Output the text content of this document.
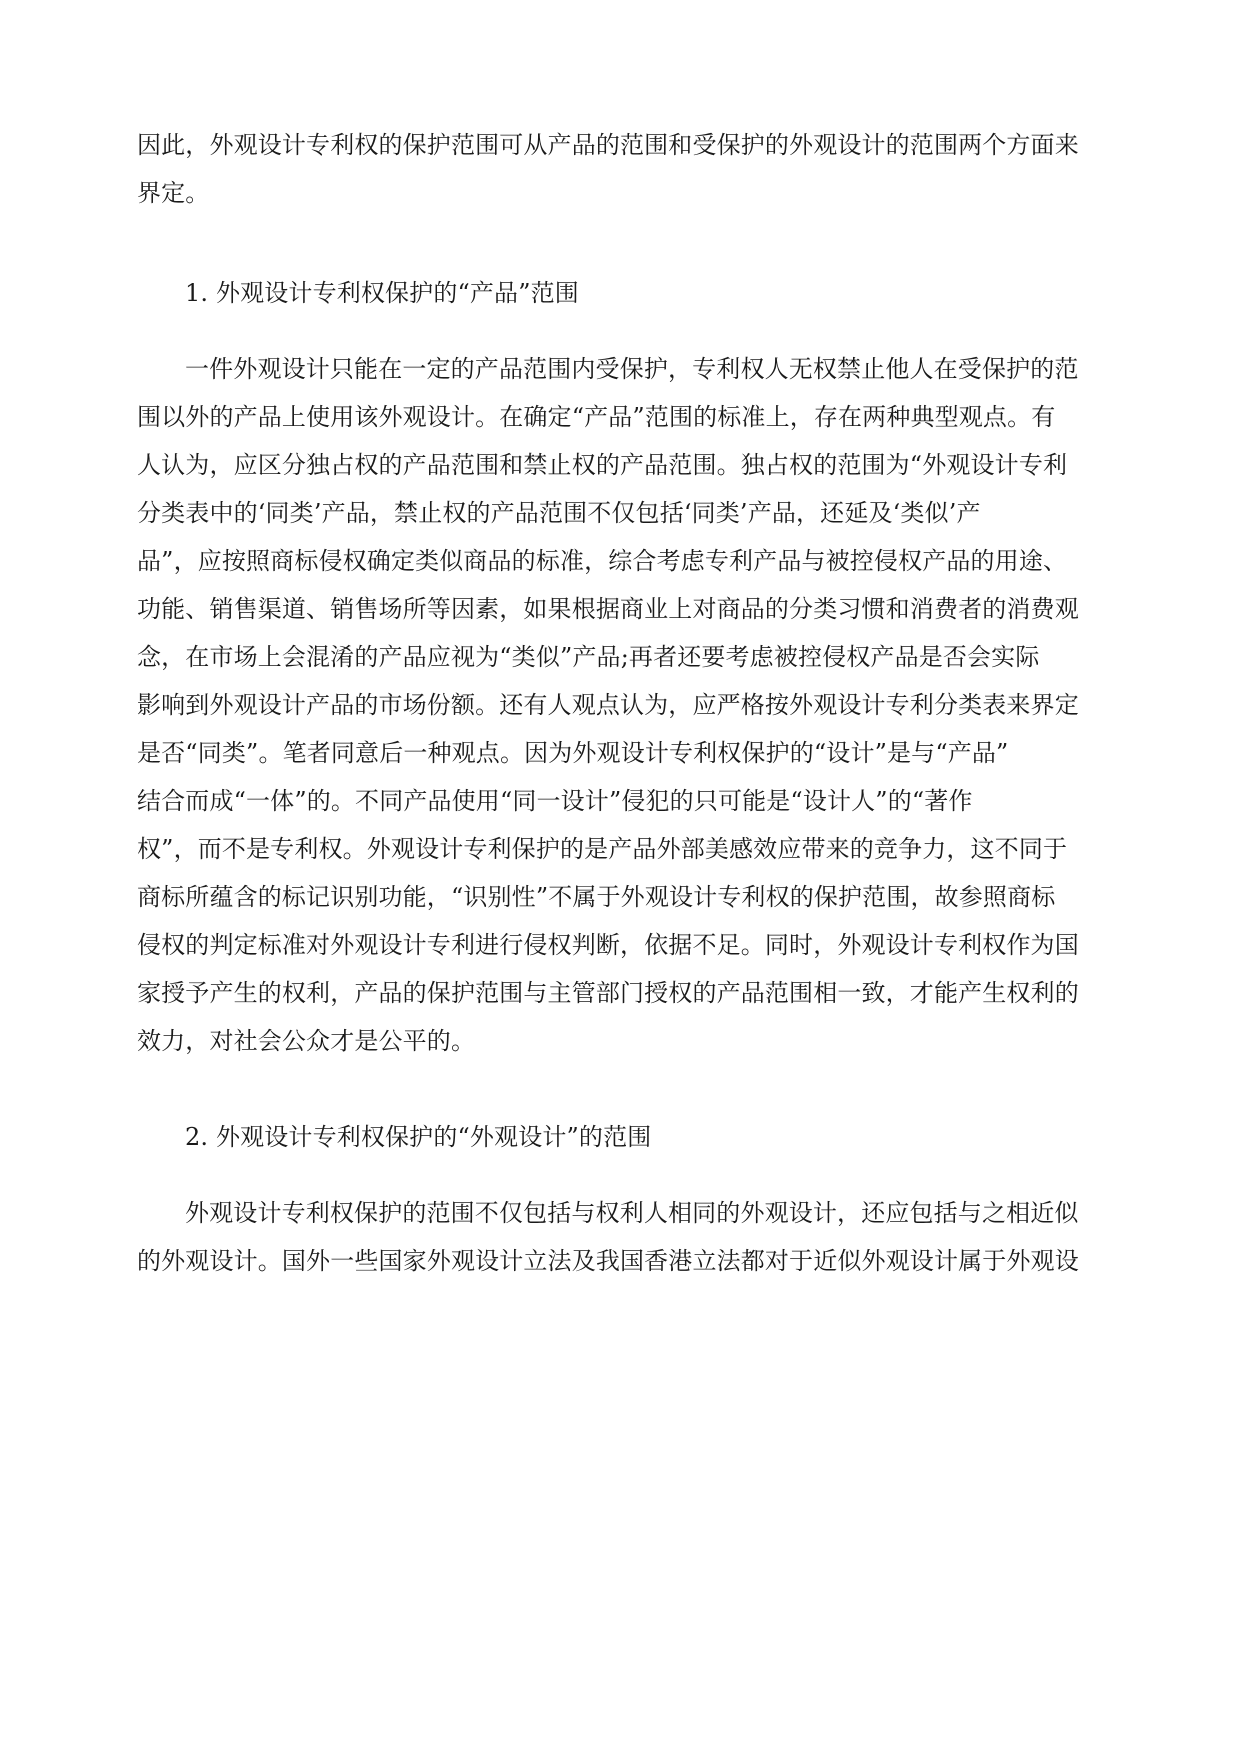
因此，外观设计专利权的保护范围可从产品的范围和受保护的外观设计的范围两个方面来
界定。
1. 外观设计专利权保护的“产品”范围
一件外观设计只能在一定的产品范围内受保护，专利权人无权禁止他人在受保护的范
围以外的产品上使用该外观设计。在确定“产品”范围的标准上，存在两种典型观点。有
人认为，应区分独占权的产品范围和禁止权的产品范围。独占权的范围为“外观设计专利
分类表中的‘同类’产品，禁止权的产品范围不仅包括‘同类’产品，还延及‘类似’产
品”，应按照商标侵权确定类似商品的标准，综合考虑专利产品与被控侵权产品的用途、
功能、销售渠道、销售场所等因素，如果根据商业上对商品的分类习惯和消费者的消费观
念，在市场上会混淆的产品应视为“类似”产品;再者还要考虑被控侵权产品是否会实际
影响到外观设计产品的市场份额。还有人观点认为，应严格按外观设计专利分类表来界定
是否“同类”。笔者同意后一种观点。因为外观设计专利权保护的“设计”是与“产品”
结合而成“一体”的。不同产品使用“同一设计”侵犯的只可能是“设计人”的“著作
权”，而不是专利权。外观设计专利保护的是产品外部美感效应带来的竞争力，这不同于
商标所蕴含的标记识别功能，“识别性”不属于外观设计专利权的保护范围，故参照商标
侵权的判定标准对外观设计专利进行侵权判断，依据不足。同时，外观设计专利权作为国
家授予产生的权利，产品的保护范围与主管部门授权的产品范围相一致，才能产生权利的
效力，对社会公众才是公平的。
2. 外观设计专利权保护的“外观设计”的范围
外观设计专利权保护的范围不仅包括与权利人相同的外观设计，还应包括与之相近似
的外观设计。国外一些国家外观设计立法及我国香港立法都对于近似外观设计属于外观设
